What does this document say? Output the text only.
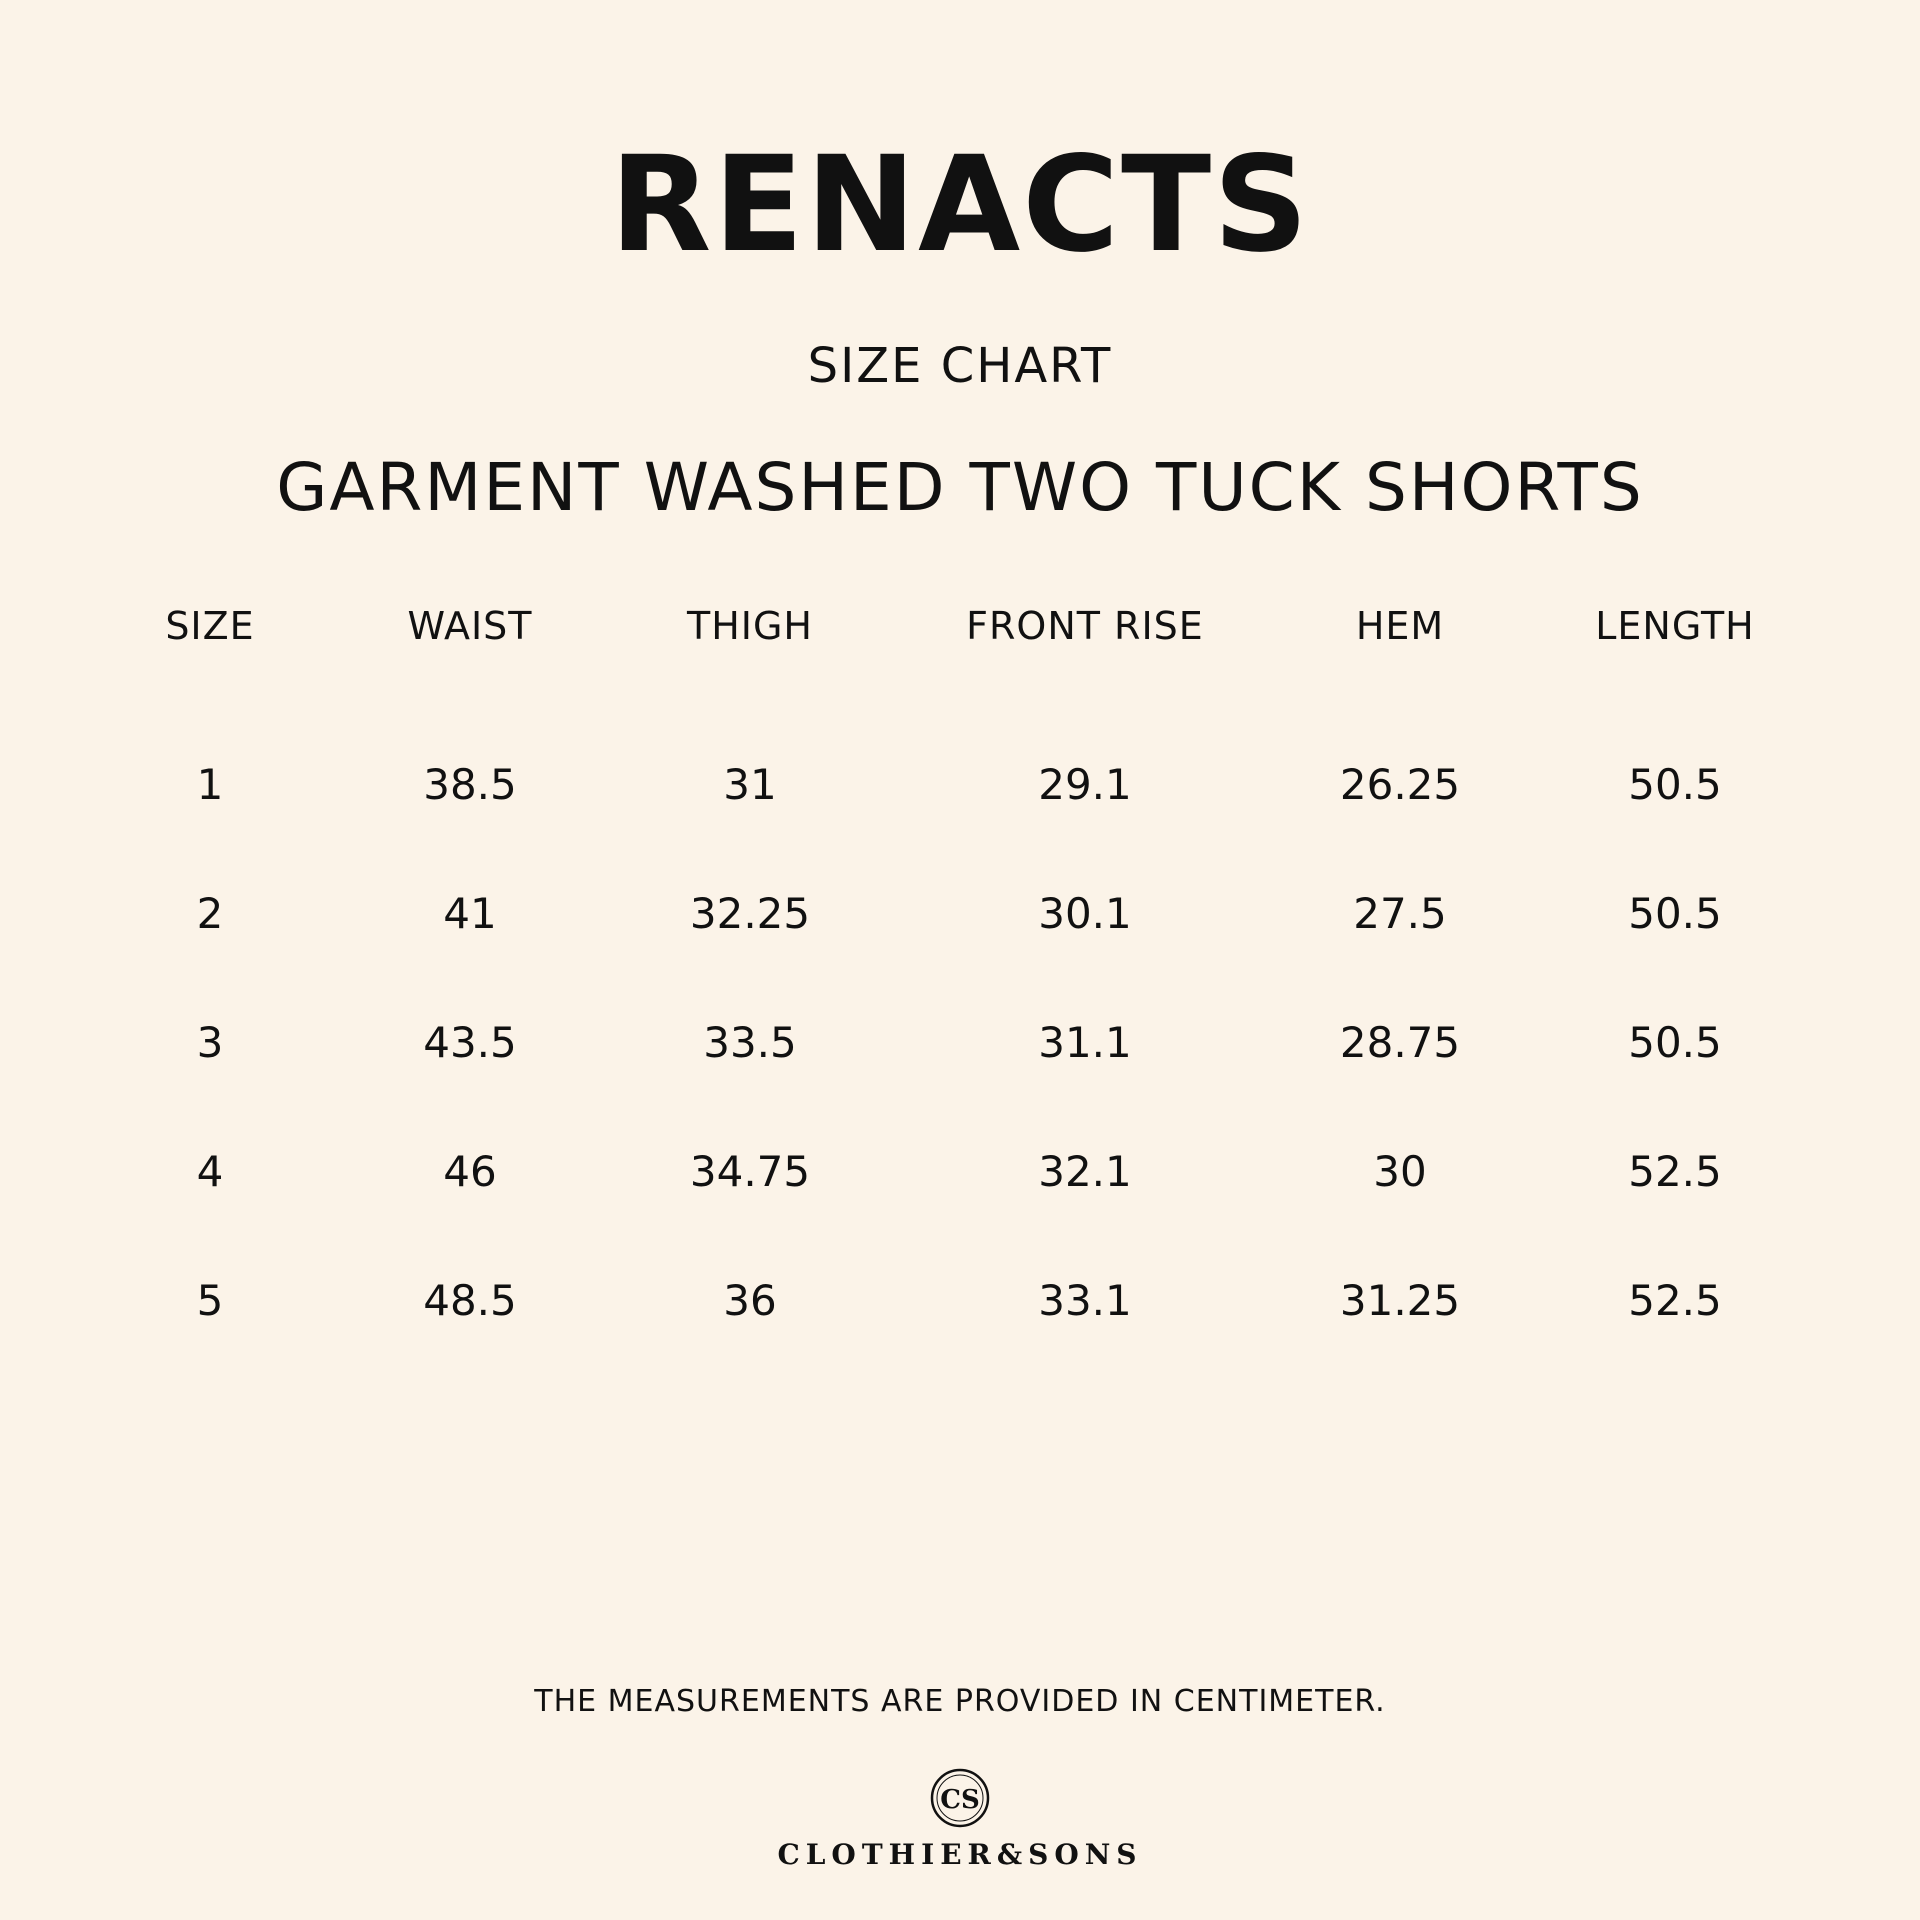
RENACTS
SIZE CHART
GARMENT WASHED TWO TUCK SHORTS
SIZE	WAIST	THIGH	FRONT RISE	HEM	LENGTH
1	38.5	31	29.1	26.25	50.5
2	41	32.25	30.1	27.5	50.5
3	43.5	33.5	31.1	28.75	50.5
4	46	34.75	32.1	30	52.5
5	48.5	36	33.1	31.25	52.5
THE MEASUREMENTS ARE PROVIDED IN CENTIMETER.
CS
CLOTHIER&SONS
